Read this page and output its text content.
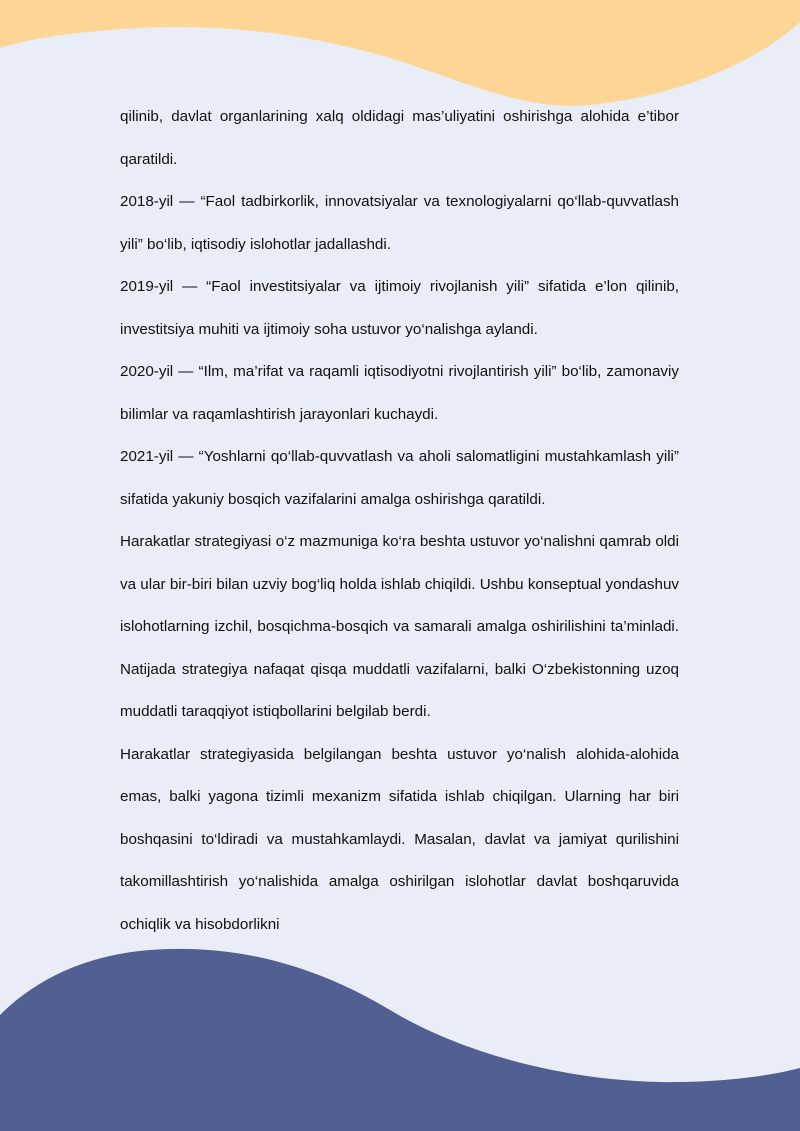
qilinib, davlat organlarining xalq oldidagi mas’uliyatini oshirishga alohida e’tibor qaratildi.

2018-yil — “Faol tadbirkorlik, innovatsiyalar va texnologiyalarni qo‘llab-quvvatlash yili” bo‘lib, iqtisodiy islohotlar jadallashdi.

2019-yil — “Faol investitsiyalar va ijtimoiy rivojlanish yili” sifatida e’lon qilinib, investitsiya muhiti va ijtimoiy soha ustuvor yo‘nalishga aylandi.

2020-yil — “Ilm, ma’rifat va raqamli iqtisodiyotni rivojlantirish yili” bo‘lib, zamonaviy bilimlar va raqamlashtirish jarayonlari kuchaydi.

2021-yil — “Yoshlarni qo‘llab-quvvatlash va aholi salomatligini mustahkamlash yili” sifatida yakuniy bosqich vazifalarini amalga oshirishga qaratildi.

Harakatlar strategiyasi o‘z mazmuniga ko‘ra beshta ustuvor yo‘nalishni qamrab oldi va ular bir-biri bilan uzviy bog‘liq holda ishlab chiqildi. Ushbu konseptual yondashuv islohotlarning izchil, bosqichma-bosqich va samarali amalga oshirilishini ta’minladi. Natijada strategiya nafaqat qisqa muddatli vazifalarni, balki O‘zbekistonning uzoq muddatli taraqqiyot istiqbollarini belgilab berdi.

Harakatlar strategiyasida belgilangan beshta ustuvor yo‘nalish alohida-alohida emas, balki yagona tizimli mexanizm sifatida ishlab chiqilgan. Ularning har biri boshqasini to‘ldiradi va mustahkamlaydi. Masalan, davlat va jamiyat qurilishini takomillashtirish yo‘nalishida amalga oshirilgan islohotlar davlat boshqaruvida ochiqlik va hisobdorlikni
